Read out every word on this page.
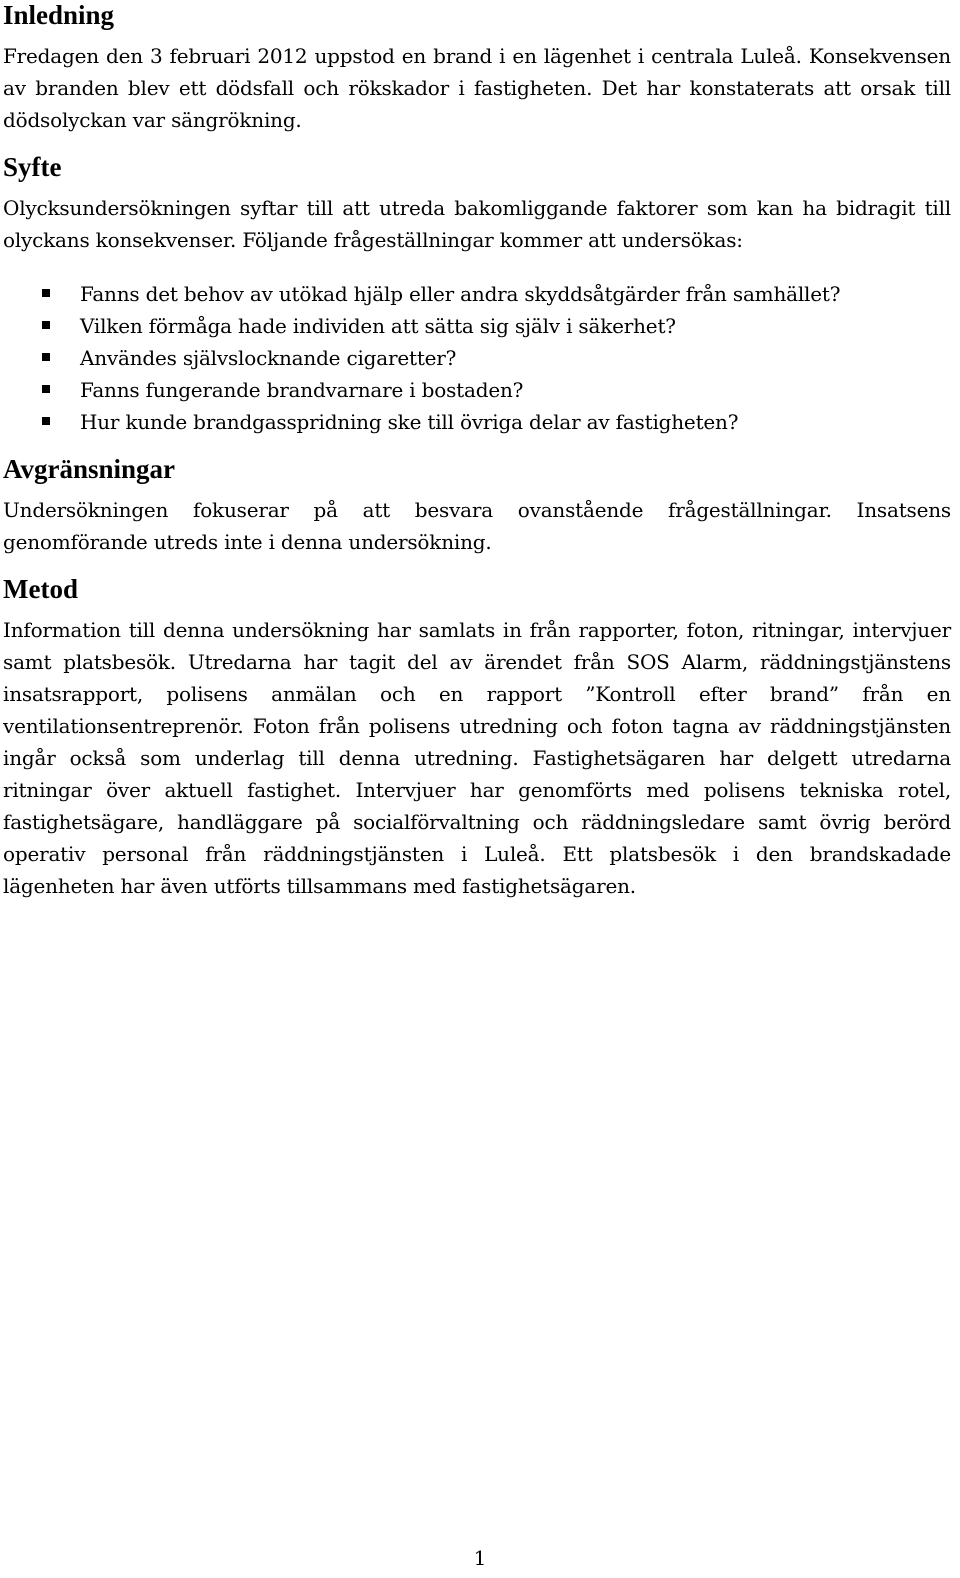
Inledning

Fredagen den 3 februari 2012 uppstod en brand i en lägenhet i centrala Luleå. Konsekvensen av branden blev ett dödsfall och rökskador i fastigheten. Det har konstaterats att orsak till dödsolyckan var sängrökning.

Syfte

Olycksundersökningen syftar till att utreda bakomliggande faktorer som kan ha bidragit till olyckans konsekvenser. Följande frågeställningar kommer att undersökas:

Fanns det behov av utökad hjälp eller andra skyddsåtgärder från samhället?
Vilken förmåga hade individen att sätta sig själv i säkerhet?
Användes självslocknande cigaretter?
Fanns fungerande brandvarnare i bostaden?
Hur kunde brandgasspridning ske till övriga delar av fastigheten?
Avgränsningar

Undersökningen fokuserar på att besvara ovanstående frågeställningar. Insatsens genomförande utreds inte i denna undersökning.

Metod

Information till denna undersökning har samlats in från rapporter, foton, ritningar, intervjuer samt platsbesök. Utredarna har tagit del av ärendet från SOS Alarm, räddningstjänstens insatsrapport, polisens anmälan och en rapport ”Kontroll efter brand” från en ventilationsentreprenör. Foton från polisens utredning och foton tagna av räddningstjänsten ingår också som underlag till denna utredning. Fastighetsägaren har delgett utredarna ritningar över aktuell fastighet. Intervjuer har genomförts med polisens tekniska rotel, fastighetsägare, handläggare på socialförvaltning och räddningsledare samt övrig berörd operativ personal från räddningstjänsten i Luleå. Ett platsbesök i den brandskadade lägenheten har även utförts tillsammans med fastighetsägaren.

1
